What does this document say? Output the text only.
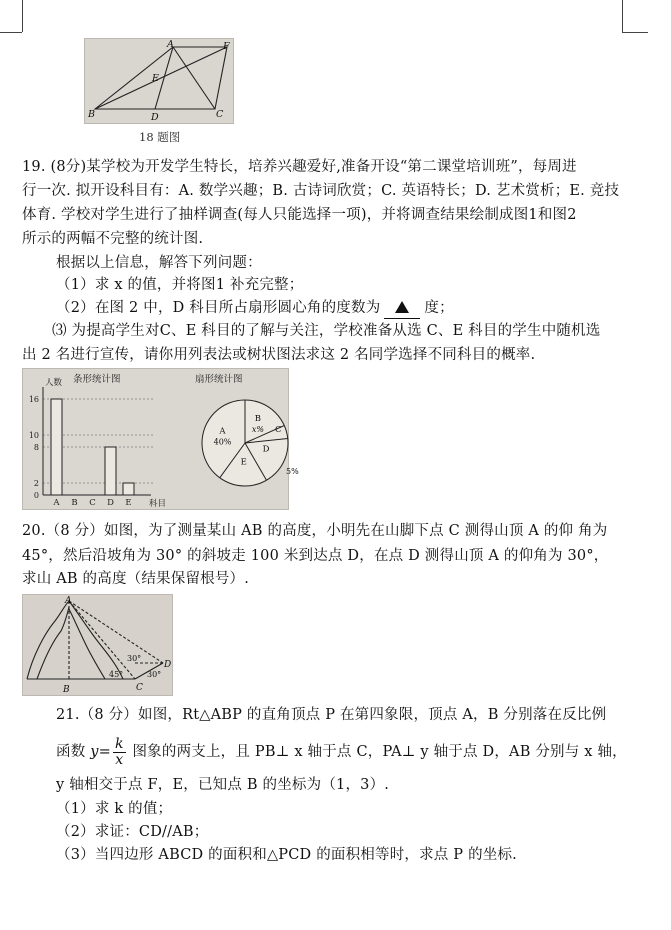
A	F
B	D	C
E
18 题图
19. (8分)某学校为开发学生特长，培养兴趣爱好,准备开设“第二课堂培训班”，每周进
行一次. 拟开设科目有：A. 数学兴趣；B. 古诗词欣赏；C. 英语特长；D. 艺术赏析；E. 竞技
体育. 学校对学生进行了抽样调查(每人只能选择一项)，并将调查结果绘制成图1和图2
所示的两幅不完整的统计图.
根据以上信息，解答下列问题：
（1）求 x 的值，并将图1 补充完整；
（2）在图 2 中，D 科目所占扇形圆心角的度数为	度；
⑶ 为提高学生对C、E 科目的了解与关注，学校准备从选 C、E 科目的学生中随机选
出 2 名进行宣传，请你用列表法或树状图法求这 2 名同学选择不同科目的概率.
条形统计图	扇形统计图
人数
科目
0
2
8
10
16
A B C D E
B
x% C
5%
D
E
A
40%
20.（8 分）如图，为了测量某山 AB 的高度，小明先在山脚下点 C 测得山顶 A 的仰 角为
45°，然后沿坡角为 30° 的斜坡走 100 米到达点 D，在点 D 测得山顶 A 的仰角为 30°，
求山 AB 的高度（结果保留根号）.
A
B	C
D
45°
30°
30°
21.（8 分）如图，Rt△ABP 的直角顶点 P 在第四象限，顶点 A，B 分别落在反比例
函数 $y= \frac{k}{x}$ 图象的两支上，且 PB⊥ x 轴于点 C，PA⊥ y 轴于点 D，AB 分别与 x 轴，
y 轴相交于点 F，E，已知点 B 的坐标为（1，3）.
（1）求 k 的值；
（2）求证：CD//AB；
（3）当四边形 ABCD 的面积和△PCD 的面积相等时，求点 P 的坐标.
